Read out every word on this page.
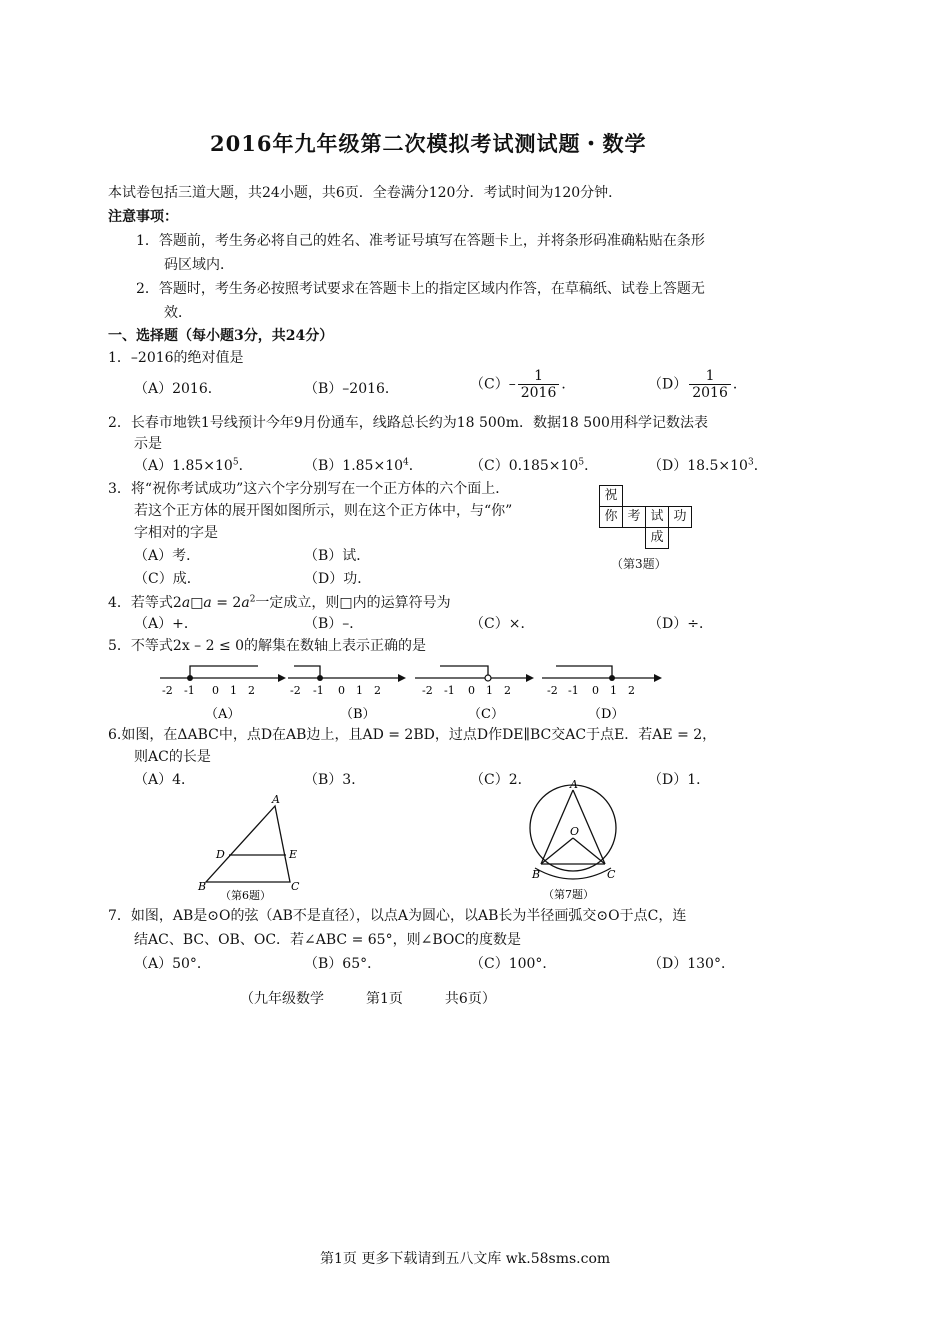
2016年九年级第二次模拟考试测试题・数学
本试卷包括三道大题，共24小题，共6页．全卷满分120分．考试时间为120分钟．
注意事项：
1．答题前，考生务必将自己的姓名、准考证号填写在答题卡上，并将条形码准确粘贴在条形
码区域内．
2．答题时，考生务必按照考试要求在答题卡上的指定区域内作答，在草稿纸、试卷上答题无
效．
一、选择题（每小题3分，共24分）
1．–2016的绝对值是
（A）2016．	（B）–2016．	$(C)- \frac{1}{2016}$ ．	$(D) \frac{1}{2016}$ ．
2．长春市地铁1号线预计今年9月份通车，线路总长约为18 500m．数据18 500用科学记数法表
示是
$(A)1.85\times 10^5$．	$(B)1.85\times 10^4$．	$(C)0.185\times 10^5$．	$(D)18.5\times 10^3$．
3．将“祝你考试成功”这六个字分别写在一个正方体的六个面上．
若这个正方体的展开图如图所示，则在这个正方体中，与“你”
字相对的字是
（A）考．	（B）试．
（C）成．	（D）功．
祝
你 考 试 功
成
（第3题）
4．若等式2a□a = $2a^2$一定成立，则□内的运算符号为
（A）+．	（B）–．	（C）×．	（D）÷．
5．不等式2x – 2 ≤ 0的解集在数轴上表示正确的是
-2 -1 0 1 2
（A）
-2 -1 0 1 2
（B）
-2 -1 0 1 2
（C）
-2 -1 0 1 2
（D）
6.如图，在ΔABC中，点D在AB边上，且AD = 2BD，过点D作DE∥BC交AC于点E．若AE = 2，
则AC的长是
（A）4．	（B）3．	（C）2．	（D）1．
A
D	E
B	C
（第6题）
A
O
B	C
（第7题）
7．如图，AB是⊙O的弦（AB不是直径），以点A为圆心，以AB长为半径画弧交⊙O于点C，连
结AC、BC、OB、OC．若∠ABC = 65°，则∠BOC的度数是
（A）50°．	（B）65°．	（C）100°．	（D）130°．
（九年级数学　　　第1页　　　共6页）
第1页 更多下载请到五八文库 wk.58sms.com
